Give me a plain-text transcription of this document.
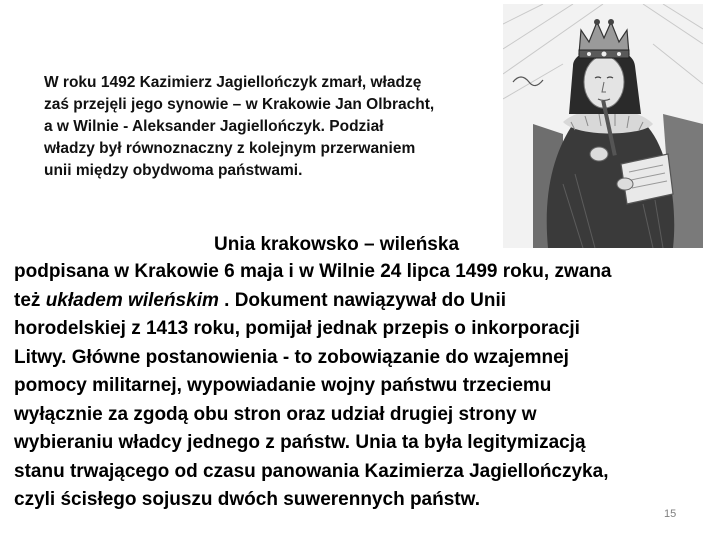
W roku 1492 Kazimierz Jagiellończyk zmarł, władzę
zaś przejęli jego synowie – w Krakowie Jan Olbracht,
a w Wilnie - Aleksander Jagiellończyk. Podział
władzy był równoznaczny z kolejnym przerwaniem
unii między obydwoma państwami.
Unia krakowsko – wileńska
podpisana w Krakowie 6 maja i w Wilnie 24 lipca 1499 roku, zwana
też układem wileńskim . Dokument nawiązywał do Unii
horodelskiej z 1413 roku, pomijał jednak przepis o inkorporacji
Litwy. Główne postanowienia - to zobowiązanie do wzajemnej
pomocy militarnej, wypowiadanie wojny państwu trzeciemu
wyłącznie za zgodą obu stron oraz udział drugiej strony w
wybieraniu władcy jednego z państw. Unia ta była legitymizacją
stanu trwającego od czasu panowania Kazimierza Jagiellończyka,
czyli ścisłego sojuszu dwóch suwerennych państw.
15
